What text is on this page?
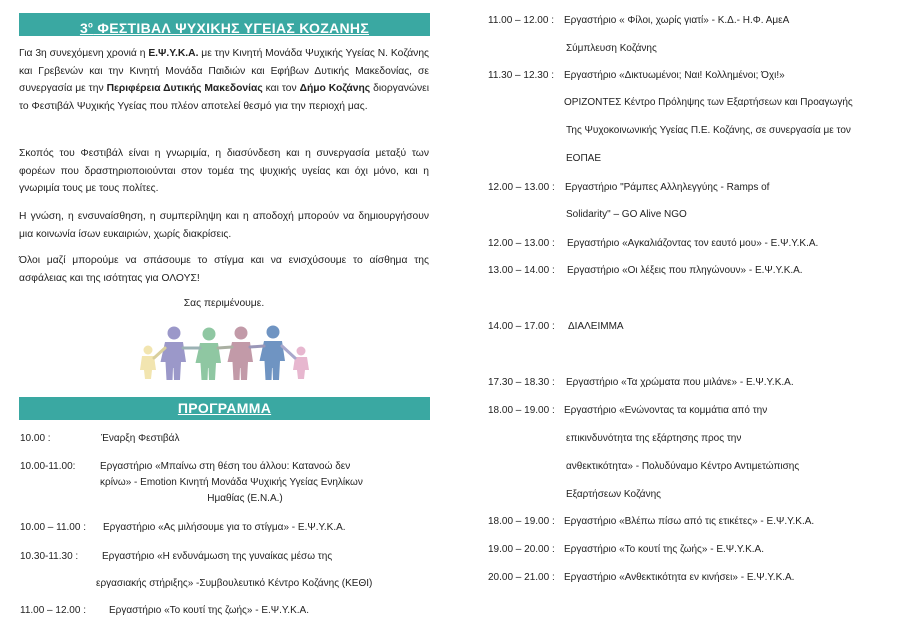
$3^o$ ΦΕΣΤΙΒΑΛ ΨΥΧΙΚΗΣ ΥΓΕΙΑΣ ΚΟΖΑΝΗΣ

Για 3η συνεχόμενη χρονιά η Ε.Ψ.Υ.Κ.Α. με την Κινητή Μονάδα Ψυχικής Υγείας Ν. Κοζάνης και Γρεβενών και την Κινητή Μονάδα Παιδιών και Εφήβων Δυτικής Μακεδονίας, σε συνεργασία με την Περιφέρεια Δυτικής Μακεδονίας και τον Δήμο Κοζάνης διοργανώνει το Φεστιβάλ Ψυχικής Υγείας που πλέον αποτελεί θεσμό για την περιοχή μας.

Σκοπός του Φεστιβάλ είναι η γνωριμία, η διασύνδεση και η συνεργασία μεταξύ των φορέων που δραστηριοποιούνται στον τομέα της ψυχικής υγείας και όχι μόνο, και η γνωριμία τους με τους πολίτες.

Η γνώση, η ενσυναίσθηση, η συμπερίληψη και η αποδοχή μπορούν να δημιουργήσουν μια κοινωνία ίσων ευκαιριών, χωρίς διακρίσεις.

Όλοι μαζί μπορούμε να σπάσουμε το στίγμα και να ενισχύσουμε το αίσθημα της ασφάλειας και της ισότητας για ΟΛΟΥΣ!

Σας περιμένουμε.
ΠΡΟΓΡΑΜΜΑ
10.00 :	Έναρξη Φεστιβάλ
10.00-11.00: Εργαστήριο «Μπαίνω στη θέση του άλλου: Κατανοώ δεν
κρίνω» - Emotion Κινητή Μονάδα Ψυχικής Υγείας Ενηλίκων
Ημαθίας (Ε.Ν.Α.)
10.00 – 11.00 : Εργαστήριο «Ας μιλήσουμε για το στίγμα» - Ε.Ψ.Υ.Κ.Α.
10.30-11.30 : Εργαστήριο «Η ενδυνάμωση της γυναίκας μέσω της
εργασιακής στήριξης» -Συμβουλευτικό Κέντρο Κοζάνης (ΚΕΘΙ)
11.00 – 12.00 : Εργαστήριο «Το κουτί της ζωής» - Ε.Ψ.Υ.Κ.Α.
11.00 – 12.00 : Εργαστήριο « Φίλοι, χωρίς γιατί» - Κ.Δ.- Η.Φ. ΑμεΑ
Σύμπλευση Κοζάνης
11.30 – 12.30 : Εργαστήριο «Δικτυωμένοι; Ναι! Κολλημένοι; Όχι!»
ΟΡΙΖΟΝΤΕΣ Κέντρο Πρόληψης των Εξαρτήσεων και Προαγωγής
Της Ψυχοκοινωνικής Υγείας Π.Ε. Κοζάνης, σε συνεργασία με τον
ΕΟΠΑΕ
12.00 – 13.00 : Εργαστήριο "Ράμπες Αλληλεγγύης - Ramps of
Solidarity" – GO Alive NGO
12.00 – 13.00 : Εργαστήριο «Αγκαλιάζοντας τον εαυτό μου» - Ε.Ψ.Υ.Κ.Α.
13.00 – 14.00 : Εργαστήριο «Οι λέξεις που πληγώνουν» - Ε.Ψ.Υ.Κ.Α.
14.00 – 17.00 : ΔΙΑΛΕΙΜΜΑ
17.30 – 18.30 : Εργαστήριο «Τα χρώματα που μιλάνε» - Ε.Ψ.Υ.Κ.Α.
18.00 – 19.00 : Εργαστήριο «Ενώνοντας τα κομμάτια από την
επικινδυνότητα της εξάρτησης προς την
ανθεκτικότητα» - Πολυδύναμο Κέντρο Αντιμετώπισης
Εξαρτήσεων Κοζάνης
18.00 – 19.00 : Εργαστήριο «Βλέπω πίσω από τις ετικέτες» - Ε.Ψ.Υ.Κ.Α.
19.00 – 20.00 : Εργαστήριο «Το κουτί της ζωής» - Ε.Ψ.Υ.Κ.Α.
20.00 – 21.00 : Εργαστήριο «Ανθεκτικότητα εν κινήσει» - Ε.Ψ.Υ.Κ.Α.
